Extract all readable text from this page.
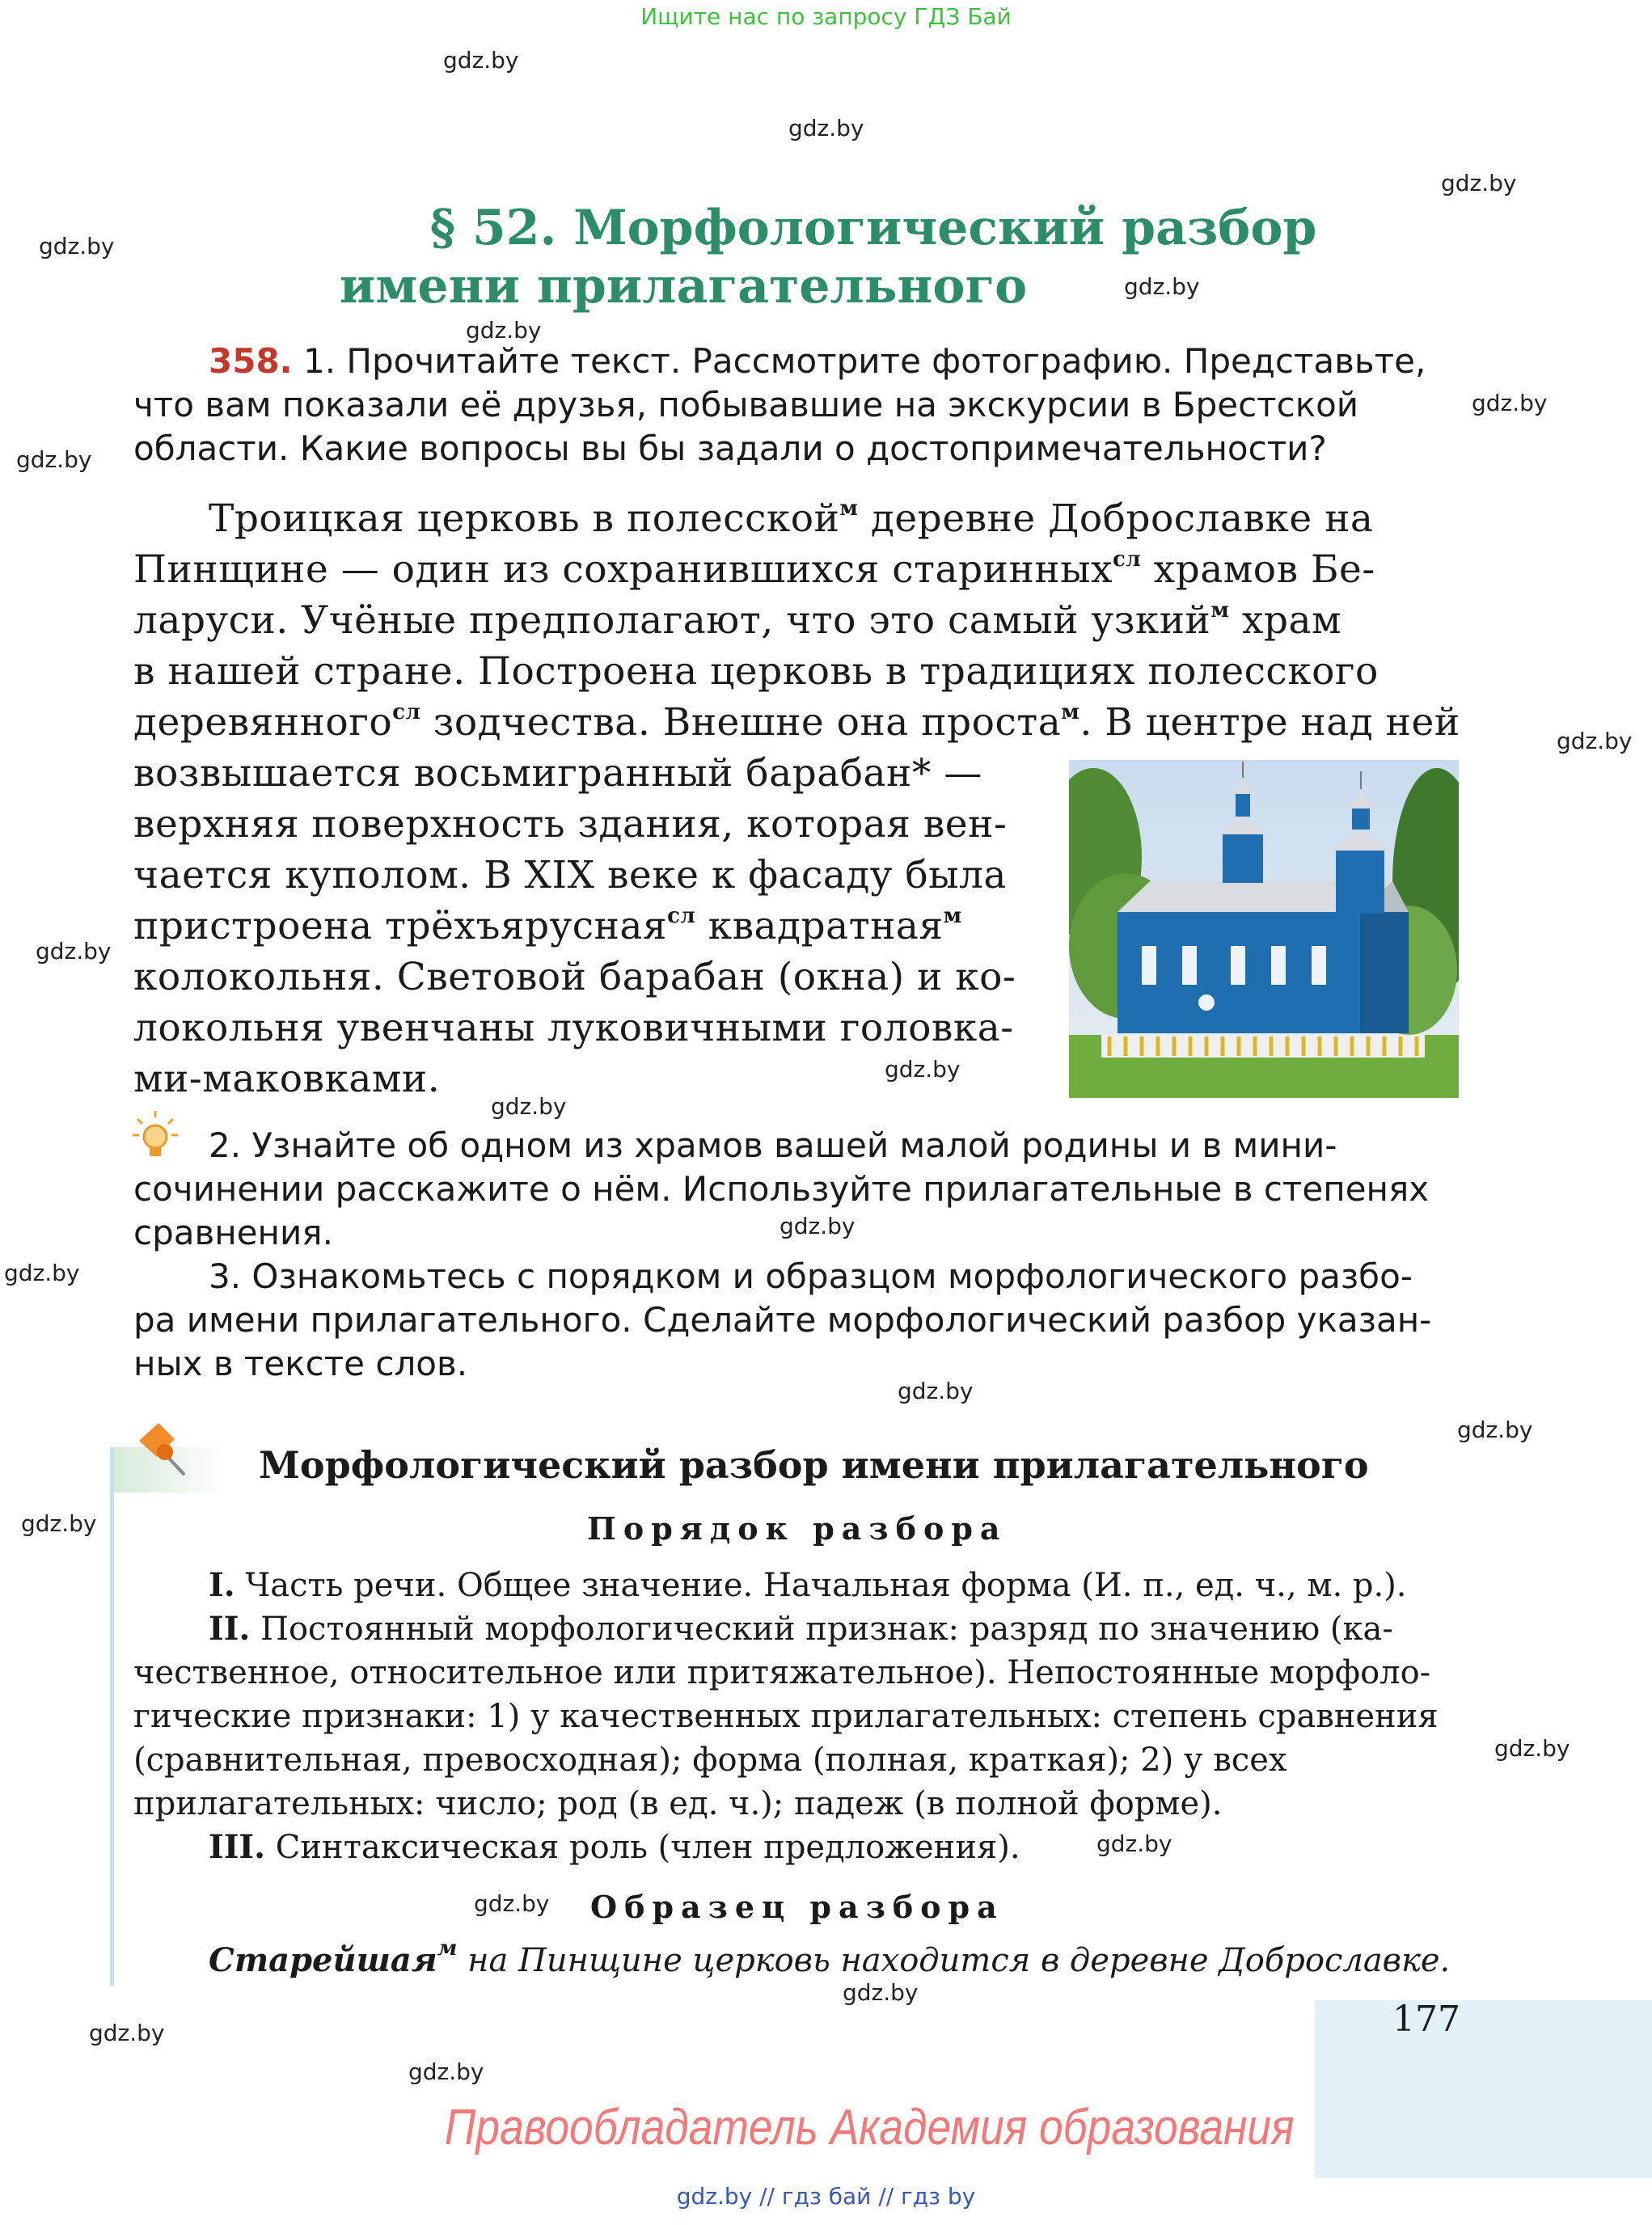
Ищите нас по запросу ГДЗ Бай
gdz.by
gdz.by
gdz.by
gdz.by
gdz.by
gdz.by
gdz.by
gdz.by
gdz.by
gdz.by
gdz.by
gdz.by
gdz.by
gdz.by
gdz.by
gdz.by
gdz.by
gdz.by
gdz.by
gdz.by
gdz.by
gdz.by
gdz.by
§ 52. Морфологический разбор
имени прилагательного
358. 1. Прочитайте текст. Рассмотрите фотографию. Представьте,
что вам показали её друзья, побывавшие на экскурсии в Брестской
области. Какие вопросы вы бы задали о достопримечательности?
Троицкая церковь в полесской$^м$ деревне Доброславке на
Пинщине — один из сохранившихся старинных$^{сл}$ храмов Бе-
ларуси. Учёные предполагают, что это самый узкий$^м$ храм
в нашей стране. Построена церковь в традициях полесского
деревянного$^{сл}$ зодчества. Внешне она проста$^м$. В центре над ней
возвышается восьмигранный барабан* —
верхняя поверхность здания, которая вен-
чается куполом. В XIX веке к фасаду была
пристроена трёхъярусная$^{сл}$ квадратная$^м$
колокольня. Световой барабан (окна) и ко-
локольня увенчаны луковичными головка-
ми-маковками.
2. Узнайте об одном из храмов вашей малой родины и в мини-
сочинении расскажите о нём. Используйте прилагательные в степенях
сравнения.
3. Ознакомьтесь с порядком и образцом морфологического разбо-
ра имени прилагательного. Сделайте морфологический разбор указан-
ных в тексте слов.
Морфологический разбор имени прилагательного
Порядок разбора
I. Часть речи. Общее значение. Начальная форма (И. п., ед. ч., м. р.).
II. Постоянный морфологический признак: разряд по значению (ка-
чественное, относительное или притяжательное). Непостоянные морфоло-
гические признаки: 1) у качественных прилагательных: степень сравнения
(сравнительная, превосходная); форма (полная, краткая); 2) у всех
прилагательных: число; род (в ед. ч.); падеж (в полной форме).
III. Синтаксическая роль (член предложения).
Образец разбора
Старейшая$^м$ на Пинщине церковь находится в деревне Доброславке.
177
Правообладатель Академия образования
gdz.by // гдз бай // гдз by
